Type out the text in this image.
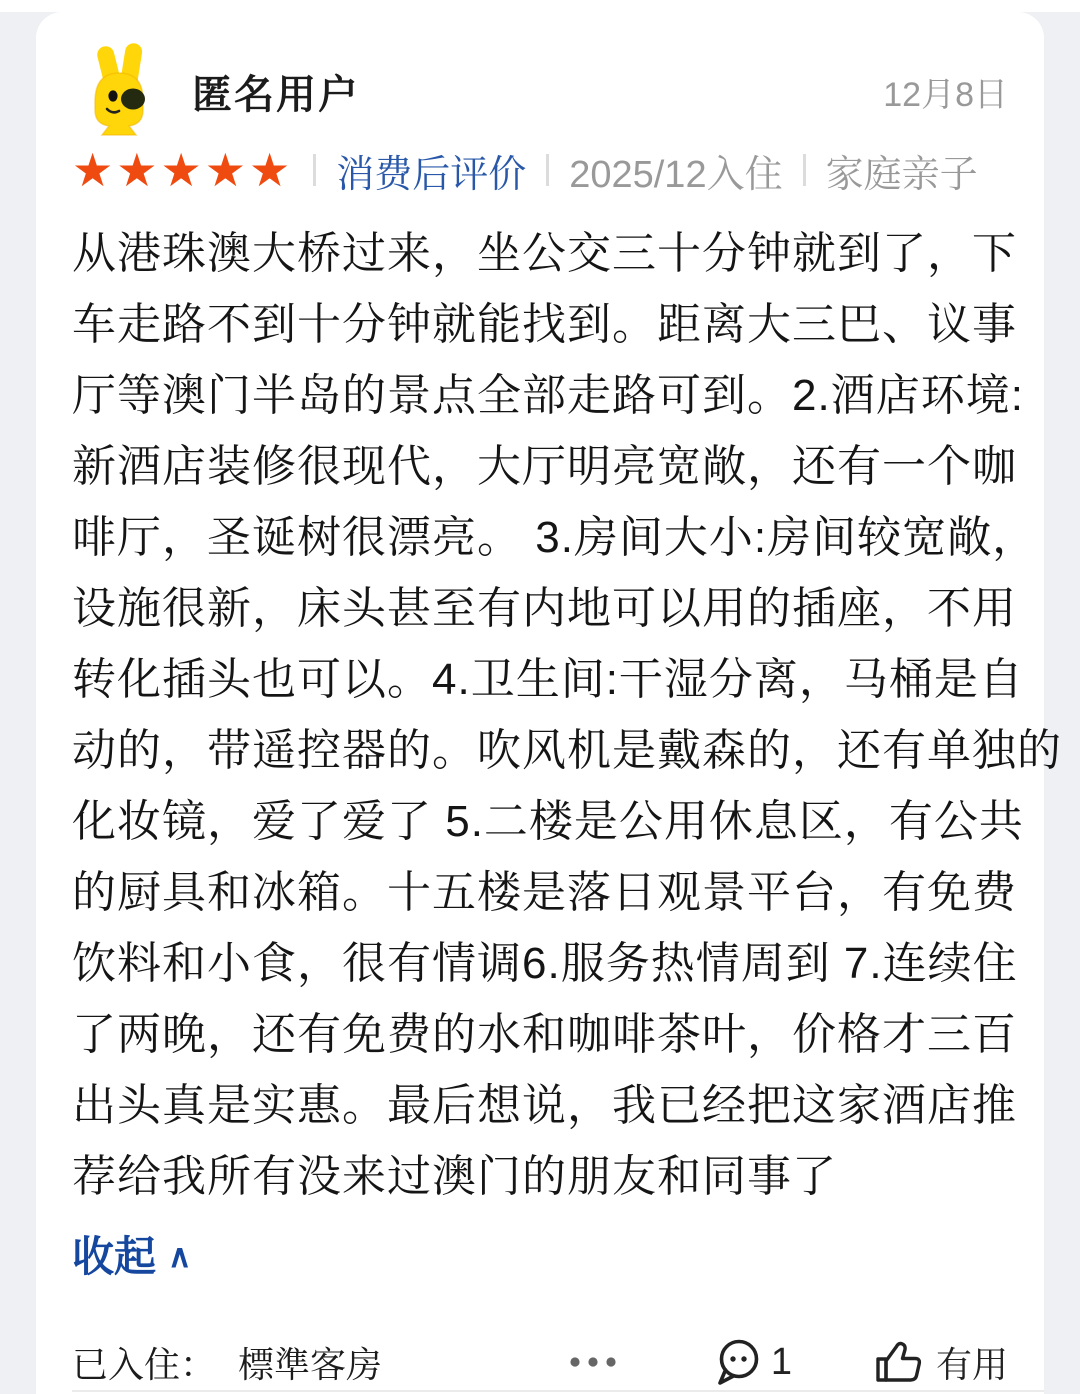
匿名用户	12月8日
★★★★★ 消费后评价 2025/12入住 家庭亲子
从港珠澳大桥过来，坐公交三十分钟就到了，下
车走路不到十分钟就能找到。距离大三巴、议事
厅等澳门半岛的景点全部走路可到。2.酒店环境:
新酒店装修很现代，大厅明亮宽敞，还有一个咖
啡厅，圣诞树很漂亮。 3.房间大小:房间较宽敞，
设施很新，床头甚至有内地可以用的插座，不用
转化插头也可以。4.卫生间:干湿分离，马桶是自
动的，带遥控器的。吹风机是戴森的，还有单独的
化妆镜，爱了爱了 5.二楼是公用休息区，有公共
的厨具和冰箱。十五楼是落日观景平台，有免费
饮料和小食，很有情调6.服务热情周到 7.连续住
了两晚，还有免费的水和咖啡茶叶，价格才三百
出头真是实惠。最后想说，我已经把这家酒店推
荐给我所有没来过澳门的朋友和同事了
收起 ∧
已入住： 標準客房	1	有用
